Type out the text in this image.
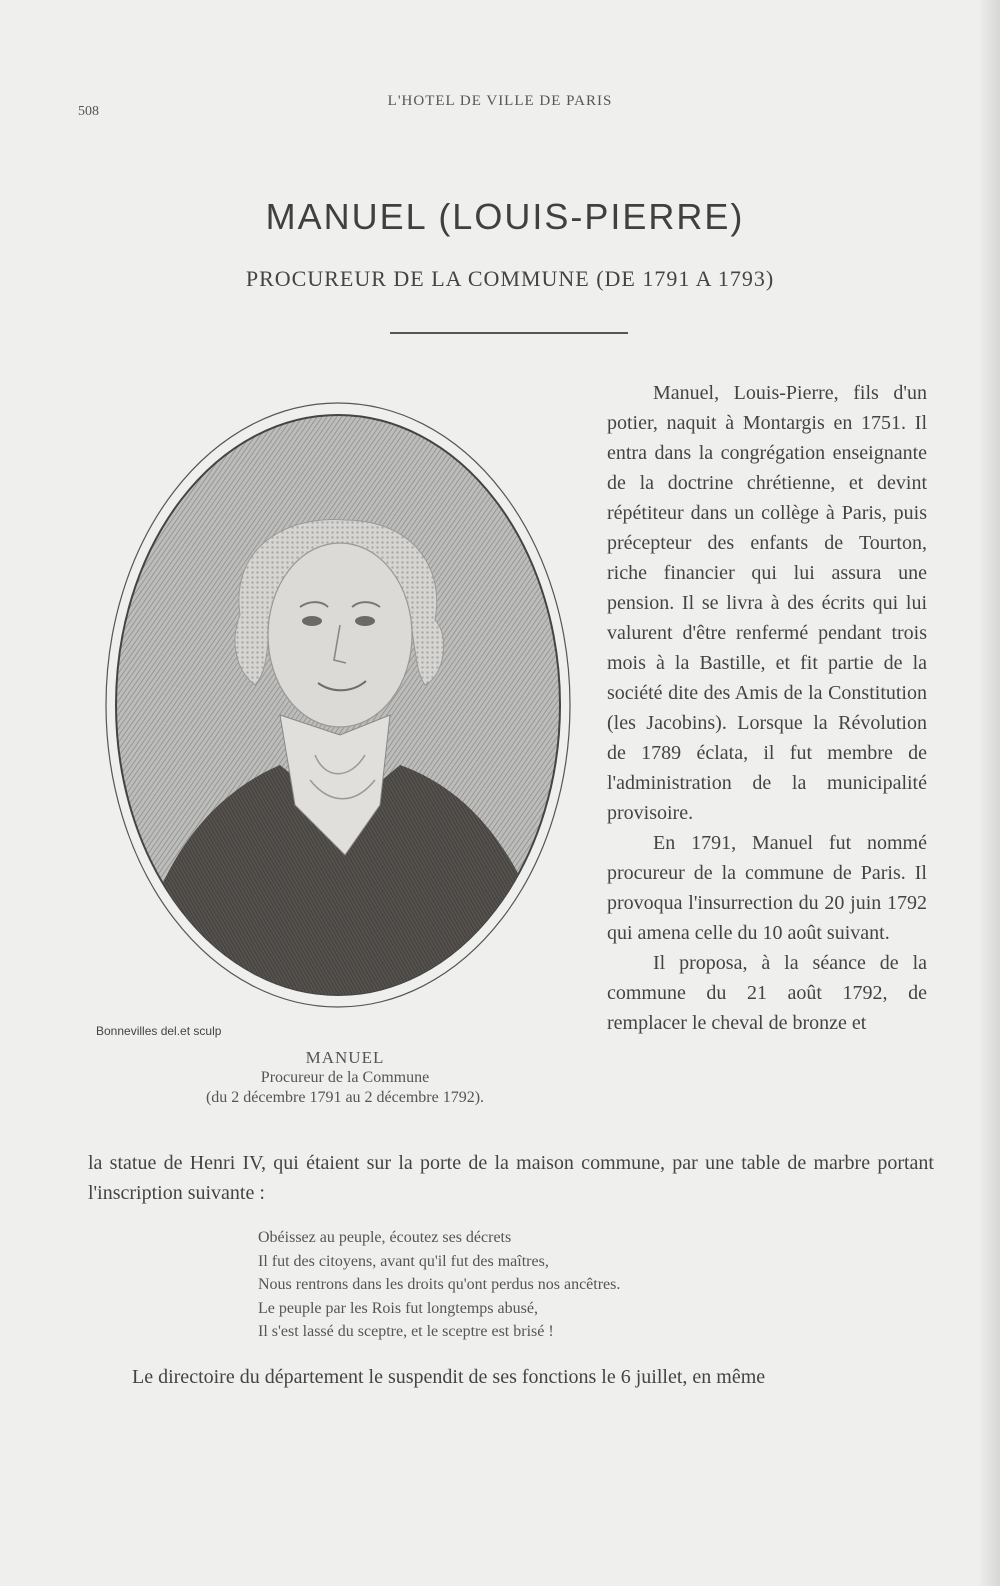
508
L'HOTEL DE VILLE DE PARIS
MANUEL (LOUIS-PIERRE)
PROCUREUR DE LA COMMUNE (DE 1791 A 1793)
Bonnevilles del.et sculp
MANUEL
Procureur de la Commune
(du 2 décembre 1791 au 2 décembre 1792).

Manuel, Louis-Pierre, fils d'un potier, naquit à Montargis en 1751. Il entra dans la congrégation enseignante de la doctrine chrétienne, et devint répétiteur dans un collège à Paris, puis précepteur des enfants de Tourton, riche financier qui lui assura une pension. Il se livra à des écrits qui lui valurent d'être renfermé pendant trois mois à la Bastille, et fit partie de la société dite des Amis de la Constitution (les Jacobins). Lorsque la Révolution de 1789 éclata, il fut membre de l'administration de la municipalité provisoire.

En 1791, Manuel fut nommé procureur de la commune de Paris. Il provoqua l'insurrection du 20 juin 1792 qui amena celle du 10 août suivant.

Il proposa, à la séance de la commune du 21 août 1792, de remplacer le cheval de bronze et

la statue de Henri IV, qui étaient sur la porte de la maison commune, par une table de marbre portant l'inscription suivante :
Obéissez au peuple, écoutez ses décrets
Il fut des citoyens, avant qu'il fut des maîtres,
Nous rentrons dans les droits qu'ont perdus nos ancêtres.
Le peuple par les Rois fut longtemps abusé,
Il s'est lassé du sceptre, et le sceptre est brisé !
Le directoire du département le suspendit de ses fonctions le 6 juillet, en même
